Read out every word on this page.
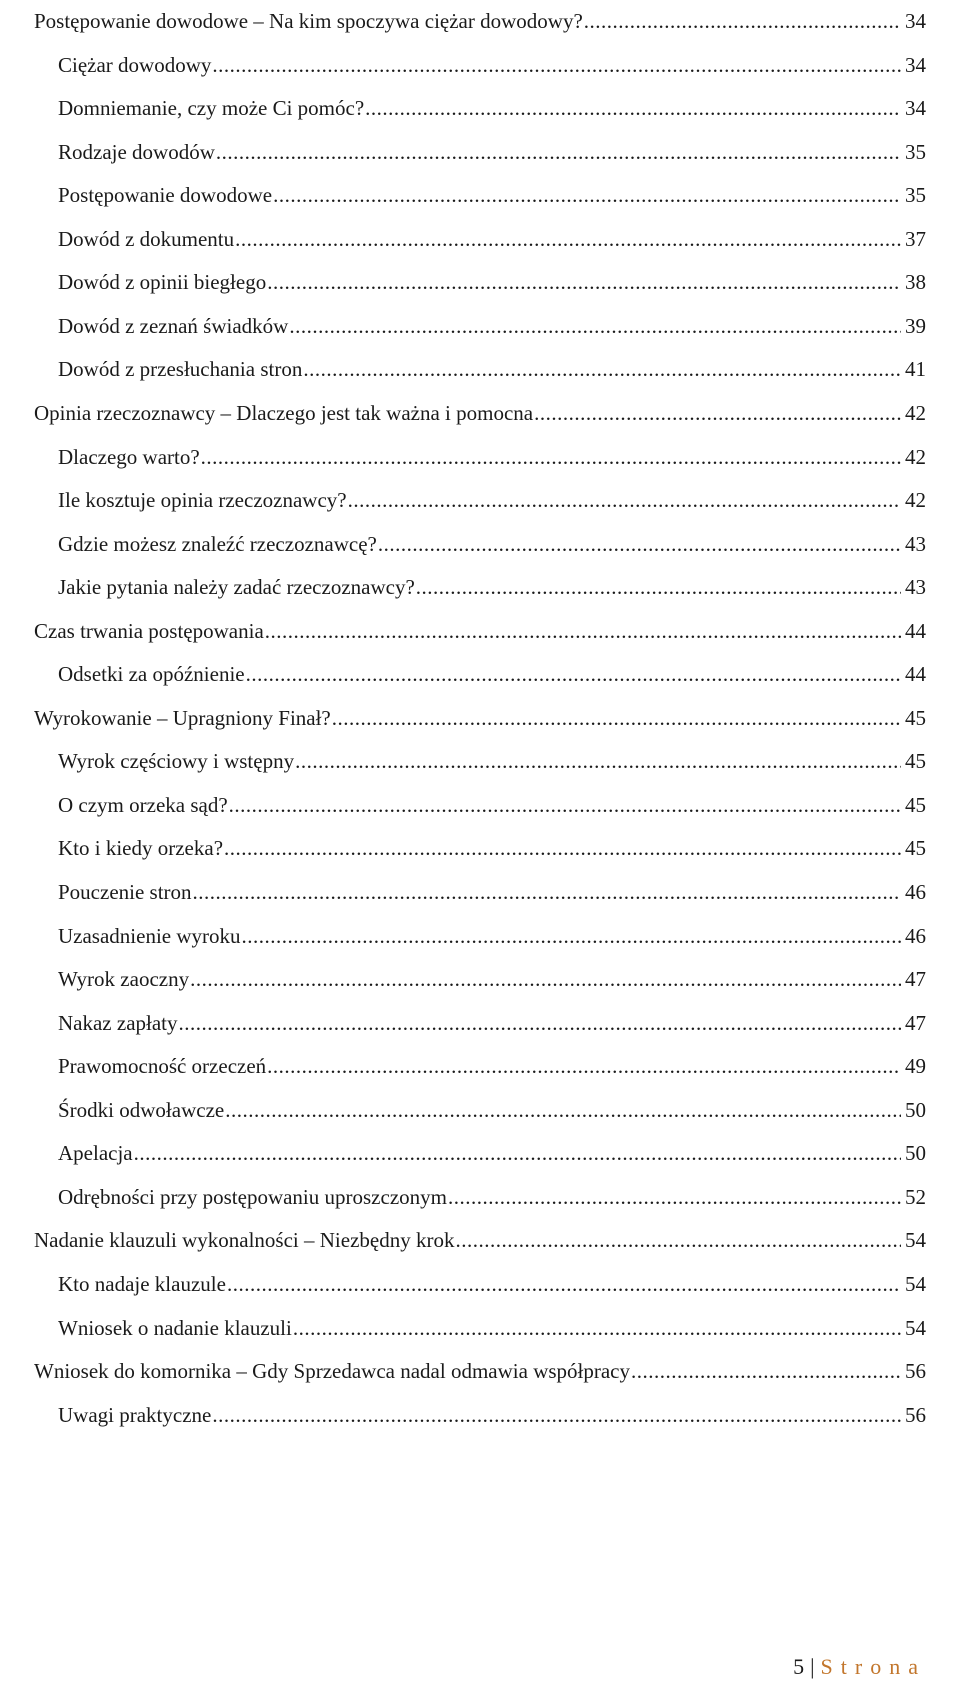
Postępowanie dowodowe – Na kim spoczywa ciężar dowodowy? .....	34
Ciężar dowodowy .....	34
Domniemanie, czy może Ci pomóc? .....	34
Rodzaje dowodów .....	35
Postępowanie dowodowe .....	35
Dowód z dokumentu .....	37
Dowód z opinii biegłego .....	38
Dowód z zeznań świadków .....	39
Dowód z przesłuchania stron .....	41
Opinia rzeczoznawcy – Dlaczego jest tak ważna i pomocna .....	42
Dlaczego warto? .....	42
Ile kosztuje opinia rzeczoznawcy? .....	42
Gdzie możesz znaleźć rzeczoznawcę? .....	43
Jakie pytania należy zadać rzeczoznawcy? .....	43
Czas trwania postępowania .....	44
Odsetki za opóźnienie .....	44
Wyrokowanie – Upragniony Finał? .....	45
Wyrok częściowy i wstępny .....	45
O czym orzeka sąd? .....	45
Kto i kiedy orzeka? .....	45
Pouczenie stron .....	46
Uzasadnienie wyroku .....	46
Wyrok zaoczny .....	47
Nakaz zapłaty .....	47
Prawomocność orzeczeń .....	49
Środki odwoławcze .....	50
Apelacja .....	50
Odrębności przy postępowaniu uproszczonym .....	52
Nadanie klauzuli wykonalności – Niezbędny krok .....	54
Kto nadaje klauzule .....	54
Wniosek o nadanie klauzuli .....	54
Wniosek do komornika – Gdy Sprzedawca nadal odmawia współpracy .....	56
Uwagi praktyczne .....	56
5 | Strona
